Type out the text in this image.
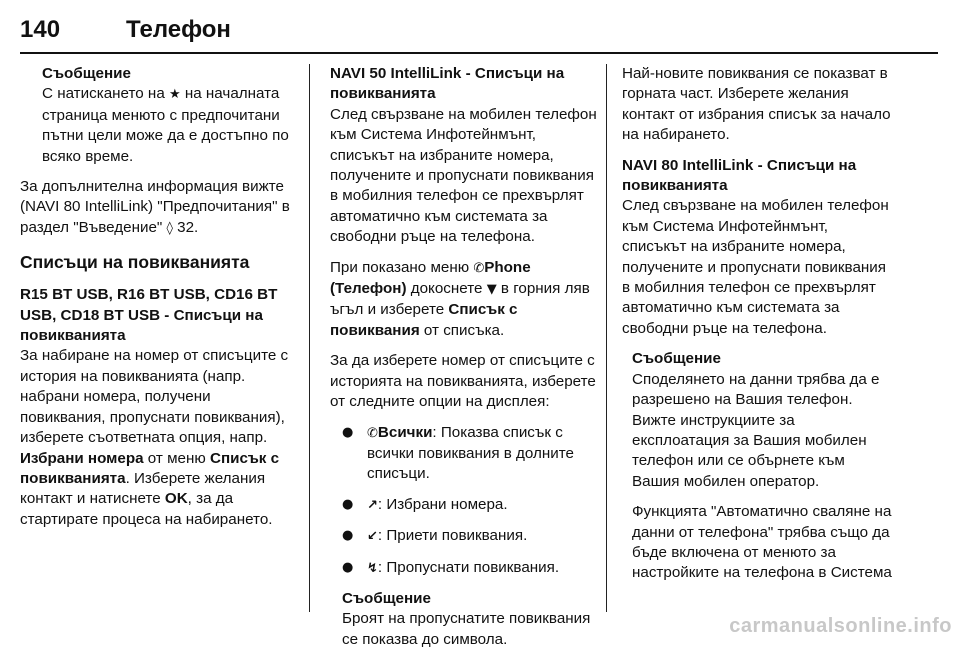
140	Телефон
Съобщение
С натискането на ★ на началната страница менюто с предпочитани пътни цели може да е достъпно по всяко време.

За допълнителна информация вижте (NAVI 80 IntelliLink) "Предпочитания" в раздел "Въведение" ◊ 32.

Списъци на повикванията

R15 BT USB, R16 BT USB, CD16 BT USB, CD18 BT USB - Списъци на повикванията
За набиране на номер от списъците с история на повикванията (напр. набрани номера, получени повиквания, пропуснати повиквания), изберете съответната опция, напр. Избрани номера от меню Списък с повикванията. Изберете желания контакт и натиснете OK, за да стартирате процеса на набирането.

NAVI 50 IntelliLink - Списъци на повикванията
След свързване на мобилен телефон към Система Инфотейнмънт, списъкът на избраните номера, получените и пропуснати повиквания в мобилния телефон се прехвърлят автоматично към системата за свободни ръце на телефона.

При показано меню ✆Phone (Телефон) докоснете ▼ в горния ляв ъгъл и изберете Списък с повиквания от списъка.

За да изберете номер от списъците с историята на повикванията, изберете от следните опции на дисплея:

● ✆Всички: Показва списък с всички повиквания в долните списъци.
● ↗: Избрани номера.
● ↙: Приети повиквания.
● ↯: Пропуснати повиквания.
Съобщение
Броят на пропуснатите повиквания се показва до символа.

Най-новите повиквания се показват в горната част. Изберете желания контакт от избрания списък за начало на набирането.

NAVI 80 IntelliLink - Списъци на повикванията
След свързване на мобилен телефон към Система Инфотейнмънт, списъкът на избраните номера, получените и пропуснати повиквания в мобилния телефон се прехвърлят автоматично към системата за свободни ръце на телефона.

Съобщение

Споделянето на данни трябва да е разрешено на Вашия телефон. Вижте инструкциите за експлоатация за Вашия мобилен телефон или се обърнете към Вашия мобилен оператор.

Функцията "Автоматично сваляне на данни от телефона" трябва също да бъде включена от менюто за настройките на телефона в Система

carmanualsonline.info
